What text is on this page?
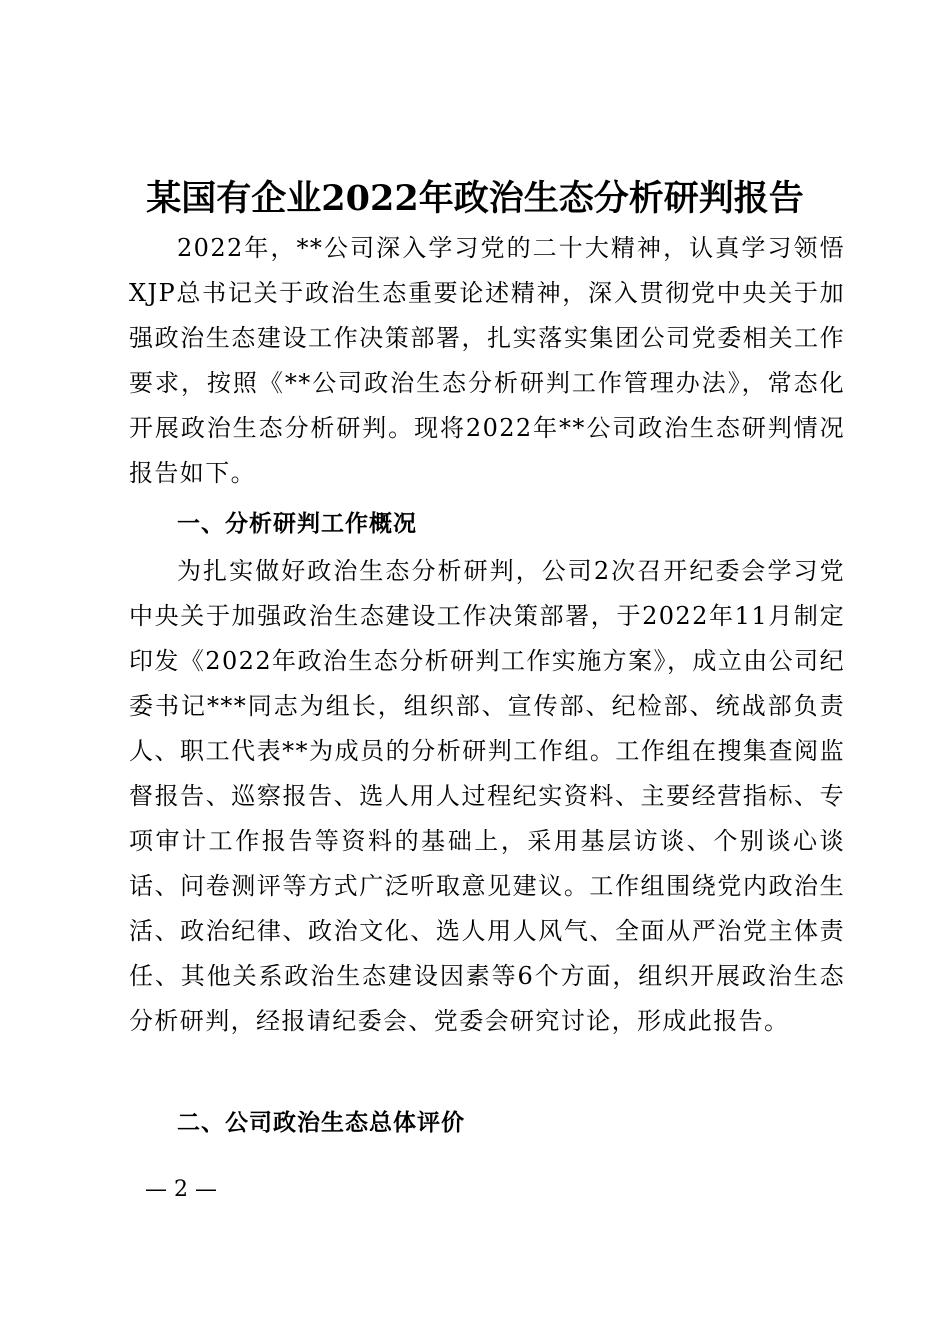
某国有企业2022年政治生态分析研判报告

2022年，**公司深入学习党的二十大精神，认真学习领悟XJP总书记关于政治生态重要论述精神，深入贯彻党中央关于加强政治生态建设工作决策部署，扎实落实集团公司党委相关工作要求，按照《**公司政治生态分析研判工作管理办法》，常态化开展政治生态分析研判。现将2022年**公司政治生态研判情况报告如下。

一、分析研判工作概况

为扎实做好政治生态分析研判，公司2次召开纪委会学习党中央关于加强政治生态建设工作决策部署，于2022年11月制定印发《2022年政治生态分析研判工作实施方案》，成立由公司纪委书记***同志为组长，组织部、宣传部、纪检部、统战部负责人、职工代表**为成员的分析研判工作组。工作组在搜集查阅监督报告、巡察报告、选人用人过程纪实资料、主要经营指标、专项审计工作报告等资料的基础上，采用基层访谈、个别谈心谈话、问卷测评等方式广泛听取意见建议。工作组围绕党内政治生活、政治纪律、政治文化、选人用人风气、全面从严治党主体责任、其他关系政治生态建设因素等6个方面，组织开展政治生态分析研判，经报请纪委会、党委会研究讨论，形成此报告。

二、公司政治生态总体评价
— 2 —
